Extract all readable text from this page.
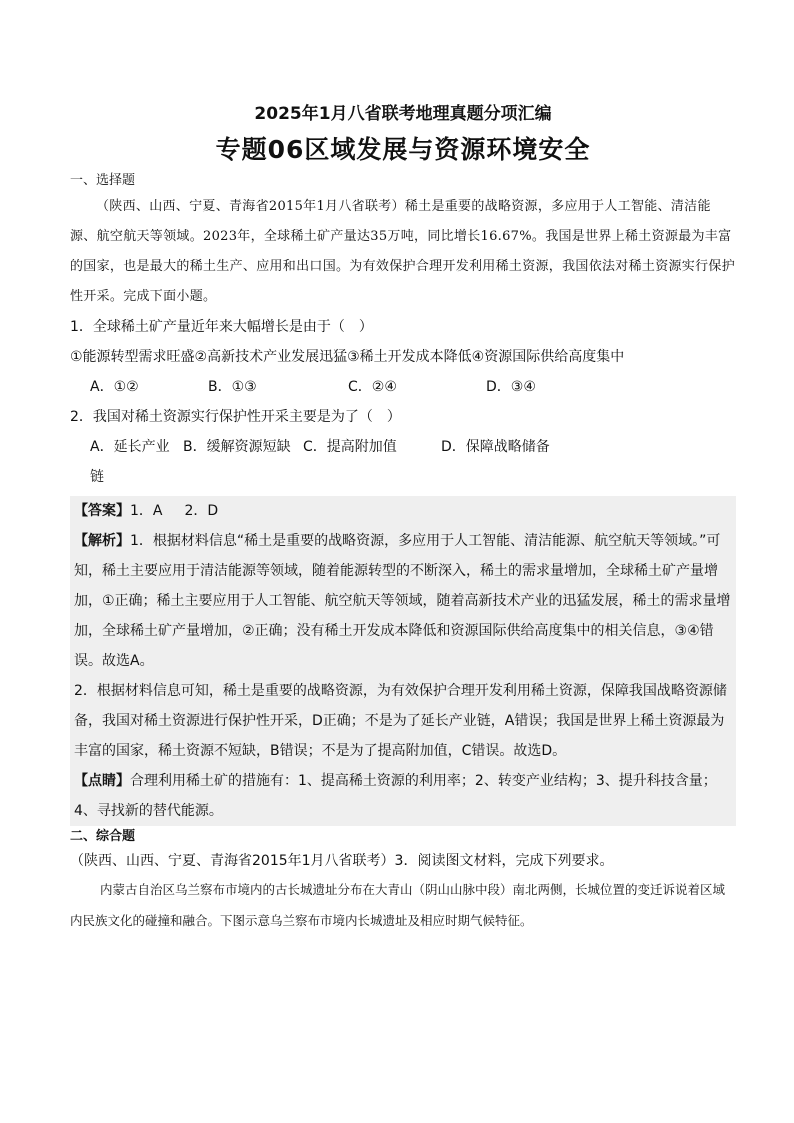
2025年1月八省联考地理真题分项汇编

专题06区域发展与资源环境安全

一、选择题

（陕西、山西、宁夏、青海省2015年1月八省联考）稀土是重要的战略资源，多应用于人工智能、清洁能源、航空航天等领域。2023年，全球稀土矿产量达35万吨，同比增长16.67%。我国是世界上稀土资源最为丰富的国家，也是最大的稀土生产、应用和出口国。为有效保护合理开发利用稀土资源，我国依法对稀土资源实行保护性开采。完成下面小题。

1．全球稀土矿产量近年来大幅增长是由于（　）

①能源转型需求旺盛②高新技术产业发展迅猛③稀土开发成本降低④资源国际供给高度集中

A．①②	B．①③	C．②④	D．③④

2．我国对稀土资源实行保护性开采主要是为了（　）

A．延长产业链
B．缓解资源短缺 C．提高附加值	D．保障战略储备

【答案】1．A 2．D

【解析】1．根据材料信息“稀土是重要的战略资源，多应用于人工智能、清洁能源、航空航天等领域。”可知，稀土主要应用于清洁能源等领域，随着能源转型的不断深入，稀土的需求量增加，全球稀土矿产量增加，①正确；稀土主要应用于人工智能、航空航天等领域，随着高新技术产业的迅猛发展，稀土的需求量增加，全球稀土矿产量增加，②正确；没有稀土开发成本降低和资源国际供给高度集中的相关信息，③④错误。故选A。

2．根据材料信息可知，稀土是重要的战略资源，为有效保护合理开发利用稀土资源，保障我国战略资源储备，我国对稀土资源进行保护性开采，D正确；不是为了延长产业链，A错误；我国是世界上稀土资源最为丰富的国家，稀土资源不短缺，B错误；不是为了提高附加值，C错误。故选D。

【点睛】合理利用稀土矿的措施有：1、提高稀土资源的利用率；2、转变产业结构；3、提升科技含量；4、寻找新的替代能源。

二、综合题

（陕西、山西、宁夏、青海省2015年1月八省联考）3．阅读图文材料，完成下列要求。

内蒙古自治区乌兰察布市境内的古长城遗址分布在大青山（阴山山脉中段）南北两侧，长城位置的变迁诉说着区域内民族文化的碰撞和融合。下图示意乌兰察布市境内长城遗址及相应时期气候特征。
